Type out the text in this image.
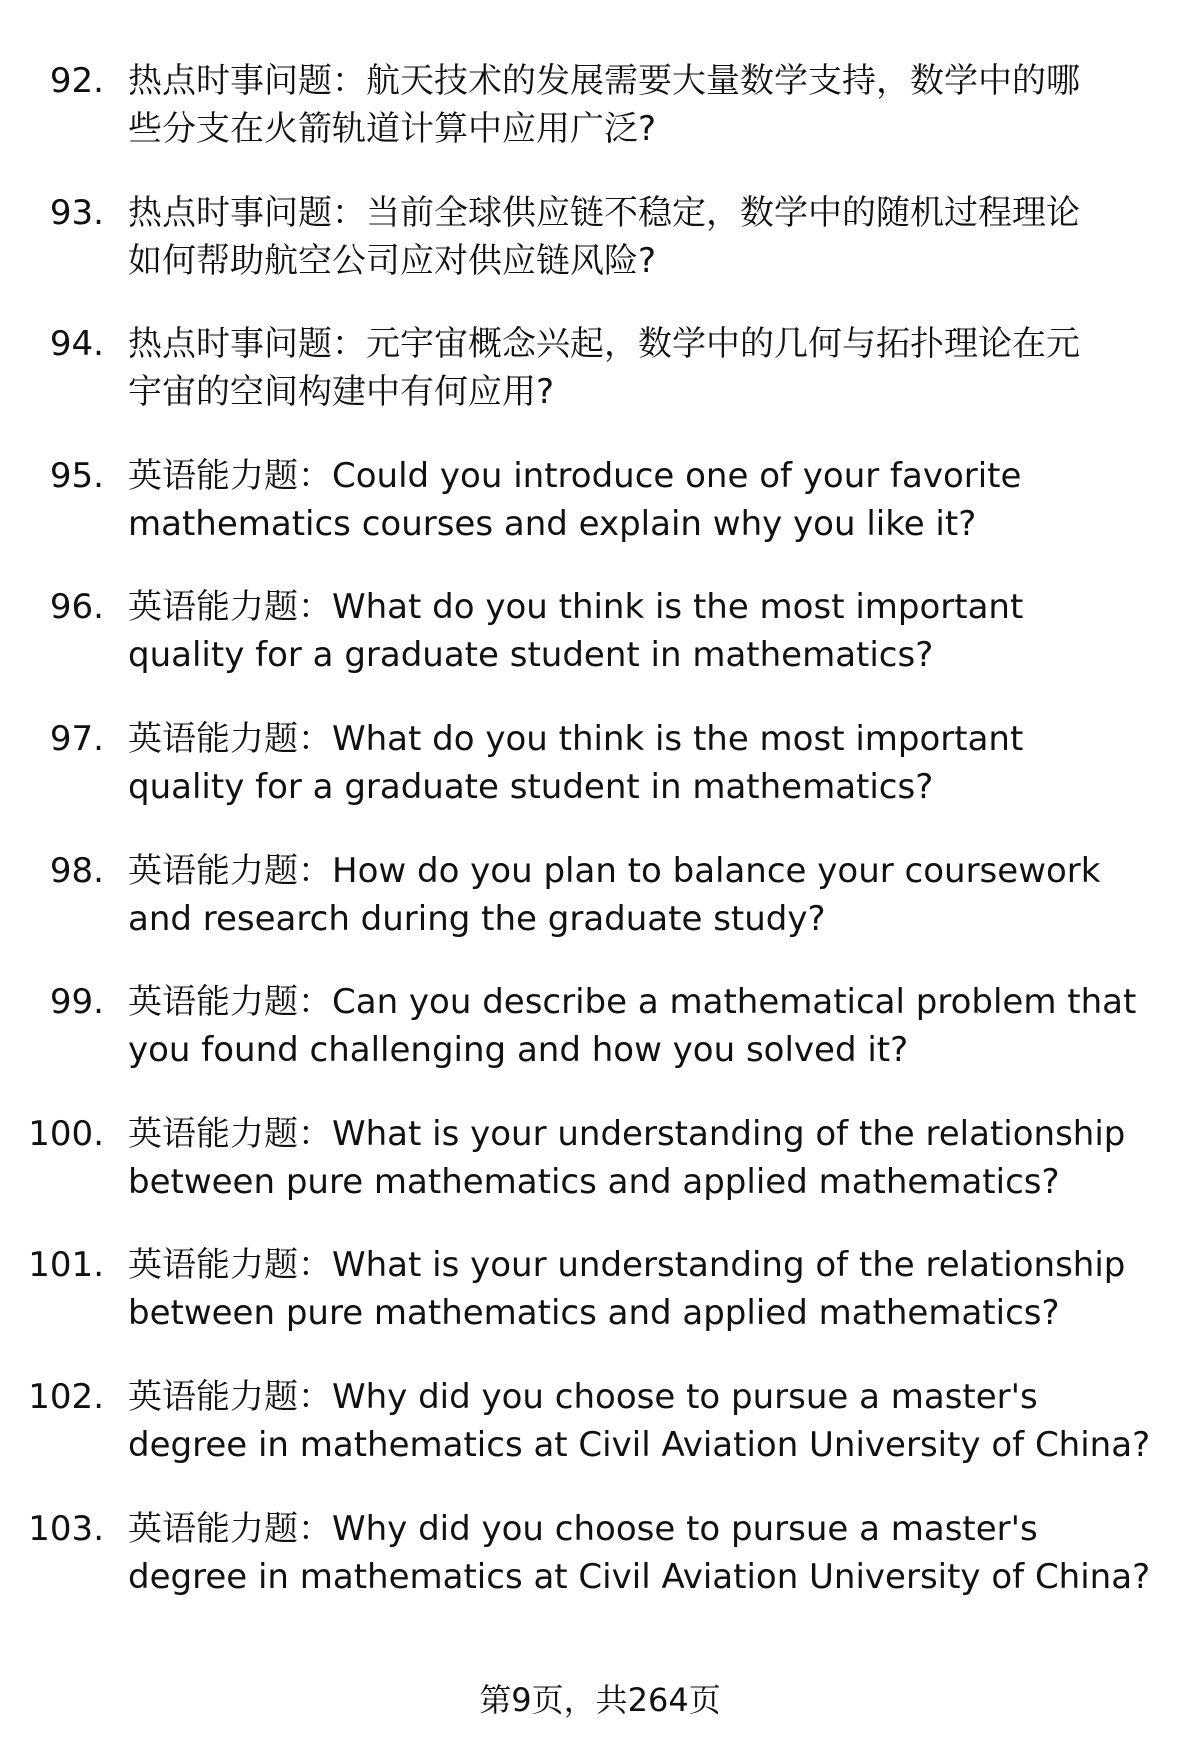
92. 热点时事问题：航天技术的发展需要大量数学支持，数学中的哪
些分支在火箭轨道计算中应用广泛?
93. 热点时事问题：当前全球供应链不稳定，数学中的随机过程理论
如何帮助航空公司应对供应链风险?
94. 热点时事问题：元宇宙概念兴起，数学中的几何与拓扑理论在元
宇宙的空间构建中有何应用?
95. 英语能力题：Could you introduce one of your favorite
mathematics courses and explain why you like it?
96. 英语能力题：What do you think is the most important
quality for a graduate student in mathematics?
97. 英语能力题：What do you think is the most important
quality for a graduate student in mathematics?
98. 英语能力题：How do you plan to balance your coursework
and research during the graduate study?
99. 英语能力题：Can you describe a mathematical problem that
you found challenging and how you solved it?
100. 英语能力题：What is your understanding of the relationship
between pure mathematics and applied mathematics?
101. 英语能力题：What is your understanding of the relationship
between pure mathematics and applied mathematics?
102. 英语能力题：Why did you choose to pursue a master's
degree in mathematics at Civil Aviation University of China?
103. 英语能力题：Why did you choose to pursue a master's
degree in mathematics at Civil Aviation University of China?
第9页，共264页
